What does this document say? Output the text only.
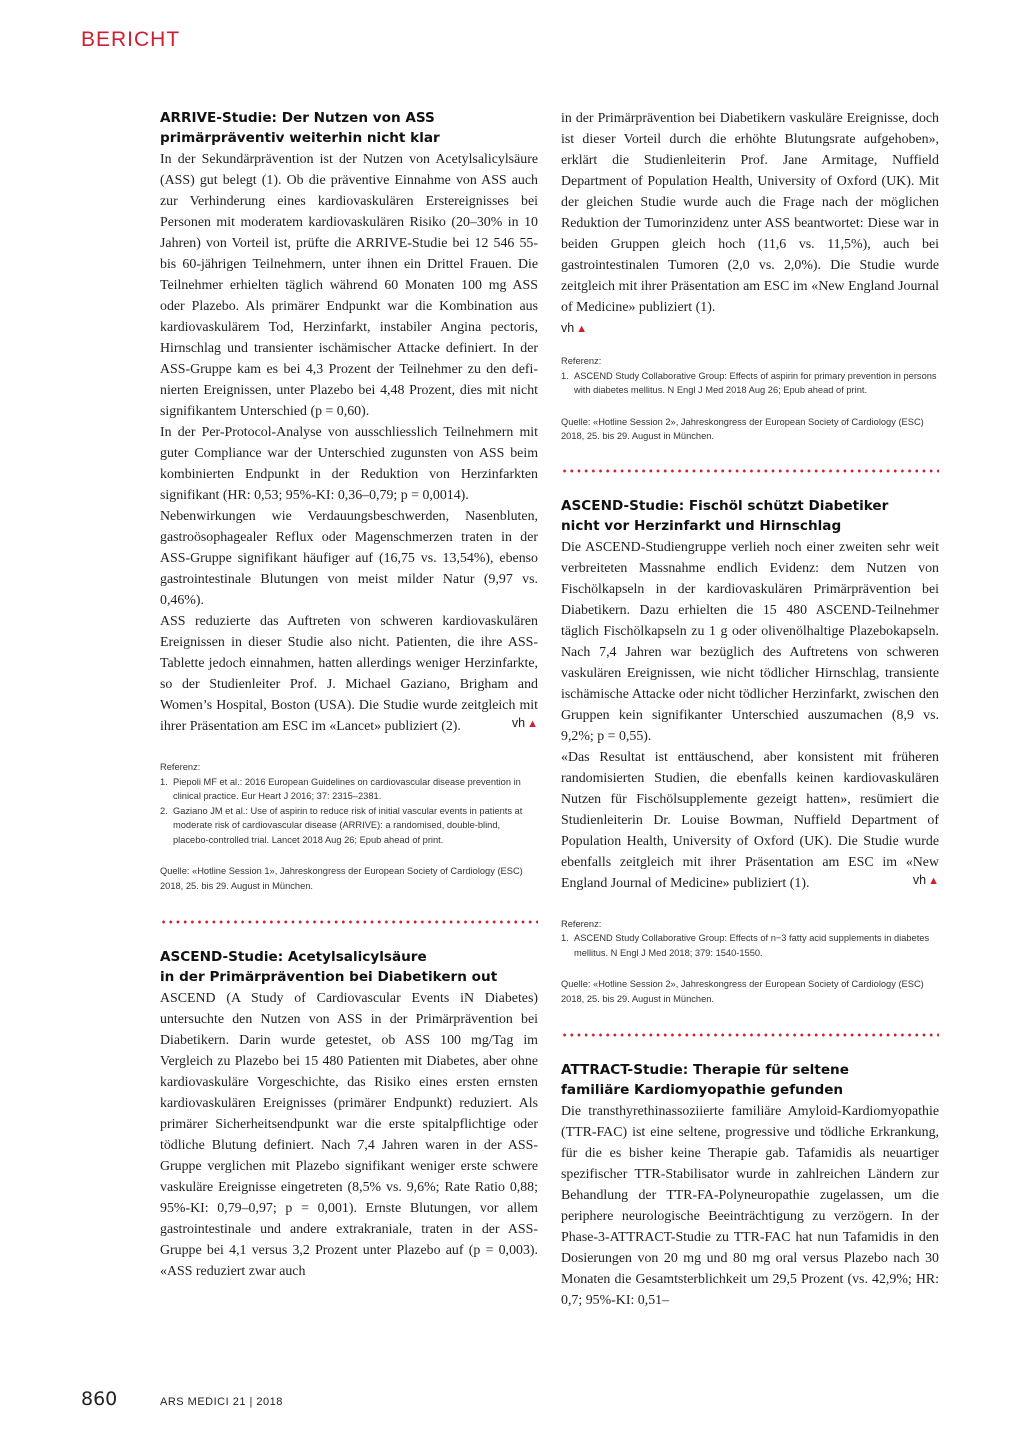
BERICHT
ARRIVE-Studie: Der Nutzen von ASS
primärpräventiv weiterhin nicht klar

In der Sekundärprävention ist der Nutzen von Acetylsalicylsäure (ASS) gut belegt (1). Ob die präventive Einnahme von ASS auch zur Verhinderung eines kardiovaskulären Erstereignisses bei Personen mit moderatem kardiovaskulären Risiko (20–30% in 10 Jahren) von Vorteil ist, prüfte die ARRIVE-Studie bei 12 546 55- bis 60-jährigen Teilnehmern, unter ihnen ein Drittel Frauen. Die Teilnehmer erhielten täglich während 60 Monaten 100 mg ASS oder Plazebo. Als primärer Endpunkt war die Kombination aus kardiovaskulärem Tod, Herzinfarkt, instabiler Angina pectoris, Hirnschlag und transienter ischämischer Attacke definiert. In der ASS-Gruppe kam es bei 4,3 Prozent der Teilnehmer zu den definierten Ereignissen, unter Plazebo bei 4,48 Prozent, dies mit nicht signifikantem Unterschied (p = 0,60).

In der Per-Protocol-Analyse von ausschliesslich Teilnehmern mit guter Compliance war der Unterschied zugunsten von ASS beim kombinierten Endpunkt in der Reduktion von Herzinfarkten signifikant (HR: 0,53; 95%-KI: 0,36–0,79; p = 0,0014).

Nebenwirkungen wie Verdauungsbeschwerden, Nasenbluten, gastroösophagealer Reflux oder Magenschmerzen traten in der ASS-Gruppe signifikant häufiger auf (16,75 vs. 13,54%), ebenso gastrointestinale Blutungen von meist milder Natur (9,97 vs. 0,46%).

ASS reduzierte das Auftreten von schweren kardiovaskulären Ereignissen in dieser Studie also nicht. Patienten, die ihre ASS-Tablette jedoch einnahmen, hatten allerdings weniger Herzinfarkte, so der Studienleiter Prof. J. Michael Gaziano, Brigham and Women’s Hospital, Boston (USA). Die Studie wurde zeitgleich mit ihrer Präsentation am ESC im «Lancet» publiziert (2).	vh ▲

Referenz:

1. Piepoli MF et al.: 2016 European Guidelines on cardiovascular disease prevention in clinical practice. Eur Heart J 2016; 37: 2315–2381.
2. Gaziano JM et al.: Use of aspirin to reduce risk of initial vascular events in patients at moderate risk of cardiovascular disease (ARRIVE): a randomised, double-blind, placebo-controlled trial. Lancet 2018 Aug 26; Epub ahead of print.

Quelle: «Hotline Session 1», Jahreskongress der European Society of Cardiology (ESC) 2018, 25. bis 29. August in München.

ASCEND-Studie: Acetylsalicylsäure
in der Primärprävention bei Diabetikern out

ASCEND (A Study of Cardiovascular Events iN Diabetes) untersuchte den Nutzen von ASS in der Primärprävention bei Diabetikern. Darin wurde getestet, ob ASS 100 mg/Tag im Vergleich zu Plazebo bei 15 480 Patienten mit Diabetes, aber ohne kardiovaskuläre Vorgeschichte, das Risiko eines ersten ernsten kardiovaskulären Ereignisses (primärer Endpunkt) reduziert. Als primärer Sicherheitsendpunkt war die erste spitalpflichtige oder tödliche Blutung definiert. Nach 7,4 Jahren waren in der ASS-Gruppe verglichen mit Plazebo signifikant weniger erste schwere vaskuläre Ereignisse eingetreten (8,5% vs. 9,6%; Rate Ratio 0,88; 95%-KI: 0,79–0,97; p = 0,001). Ernste Blutungen, vor allem gastrointestinale und andere extrakraniale, traten in der ASS-Gruppe bei 4,1 versus 3,2 Prozent unter Plazebo auf (p = 0,003). «ASS reduziert zwar auch

in der Primärprävention bei Diabetikern vaskuläre Ereignisse, doch ist dieser Vorteil durch die erhöhte Blutungsrate aufgehoben», erklärt die Studienleiterin Prof. Jane Armitage, Nuffield Department of Population Health, University of Oxford (UK). Mit der gleichen Studie wurde auch die Frage nach der möglichen Reduktion der Tumorinzidenz unter ASS beantwortet: Diese war in beiden Gruppen gleich hoch (11,6 vs. 11,5%), auch bei gastrointestinalen Tumoren (2,0 vs. 2,0%). Die Studie wurde zeitgleich mit ihrer Präsentation am ESC im «New England Journal of Medicine» publiziert (1).
vh ▲

Referenz:

1. ASCEND Study Collaborative Group: Effects of aspirin for primary prevention in persons with diabetes mellitus. N Engl J Med 2018 Aug 26; Epub ahead of print.

Quelle: «Hotline Session 2», Jahreskongress der European Society of Cardiology (ESC) 2018, 25. bis 29. August in München.

ASCEND-Studie: Fischöl schützt Diabetiker
nicht vor Herzinfarkt und Hirnschlag

Die ASCEND-Studiengruppe verlieh noch einer zweiten sehr weit verbreiteten Massnahme endlich Evidenz: dem Nutzen von Fischölkapseln in der kardiovaskulären Primärprävention bei Diabetikern. Dazu erhielten die 15 480 ASCEND-Teilnehmer täglich Fischölkapseln zu 1 g oder olivenölhaltige Plazebokapseln. Nach 7,4 Jahren war bezüglich des Auftretens von schweren vaskulären Ereignissen, wie nicht tödlicher Hirnschlag, transiente ischämische Attacke oder nicht tödlicher Herzinfarkt, zwischen den Gruppen kein signifikanter Unterschied auszumachen (8,9 vs. 9,2%; p = 0,55).

«Das Resultat ist enttäuschend, aber konsistent mit früheren randomisierten Studien, die ebenfalls keinen kardiovaskulären Nutzen für Fischölsupplemente gezeigt hatten», resümiert die Studienleiterin Dr. Louise Bowman, Nuffield Department of Population Health, University of Oxford (UK). Die Studie wurde ebenfalls zeitgleich mit ihrer Präsentation am ESC im «New England Journal of Medicine» publiziert (1).	vh ▲

Referenz:

1. ASCEND Study Collaborative Group: Effects of n−3 fatty acid supplements in diabetes mellitus. N Engl J Med 2018; 379: 1540-1550.

Quelle: «Hotline Session 2», Jahreskongress der European Society of Cardiology (ESC) 2018, 25. bis 29. August in München.

ATTRACT-Studie: Therapie für seltene
familiäre Kardiomyopathie gefunden

Die transthyrethinassoziierte familiäre Amyloid-Kardiomyopathie (TTR-FAC) ist eine seltene, progressive und tödliche Erkrankung, für die es bisher keine Therapie gab. Tafamidis als neuartiger spezifischer TTR-Stabilisator wurde in zahlreichen Ländern zur Behandlung der TTR-FA-Polyneuropathie zugelassen, um die periphere neurologische Beeinträchtigung zu verzögern. In der Phase-3-ATTRACT-Studie zu TTR-FAC hat nun Tafamidis in den Dosierungen von 20 mg und 80 mg oral versus Plazebo nach 30 Monaten die Gesamtsterblichkeit um 29,5 Prozent (vs. 42,9%; HR: 0,7; 95%-KI: 0,51–

860	ARS MEDICI 21 | 2018
